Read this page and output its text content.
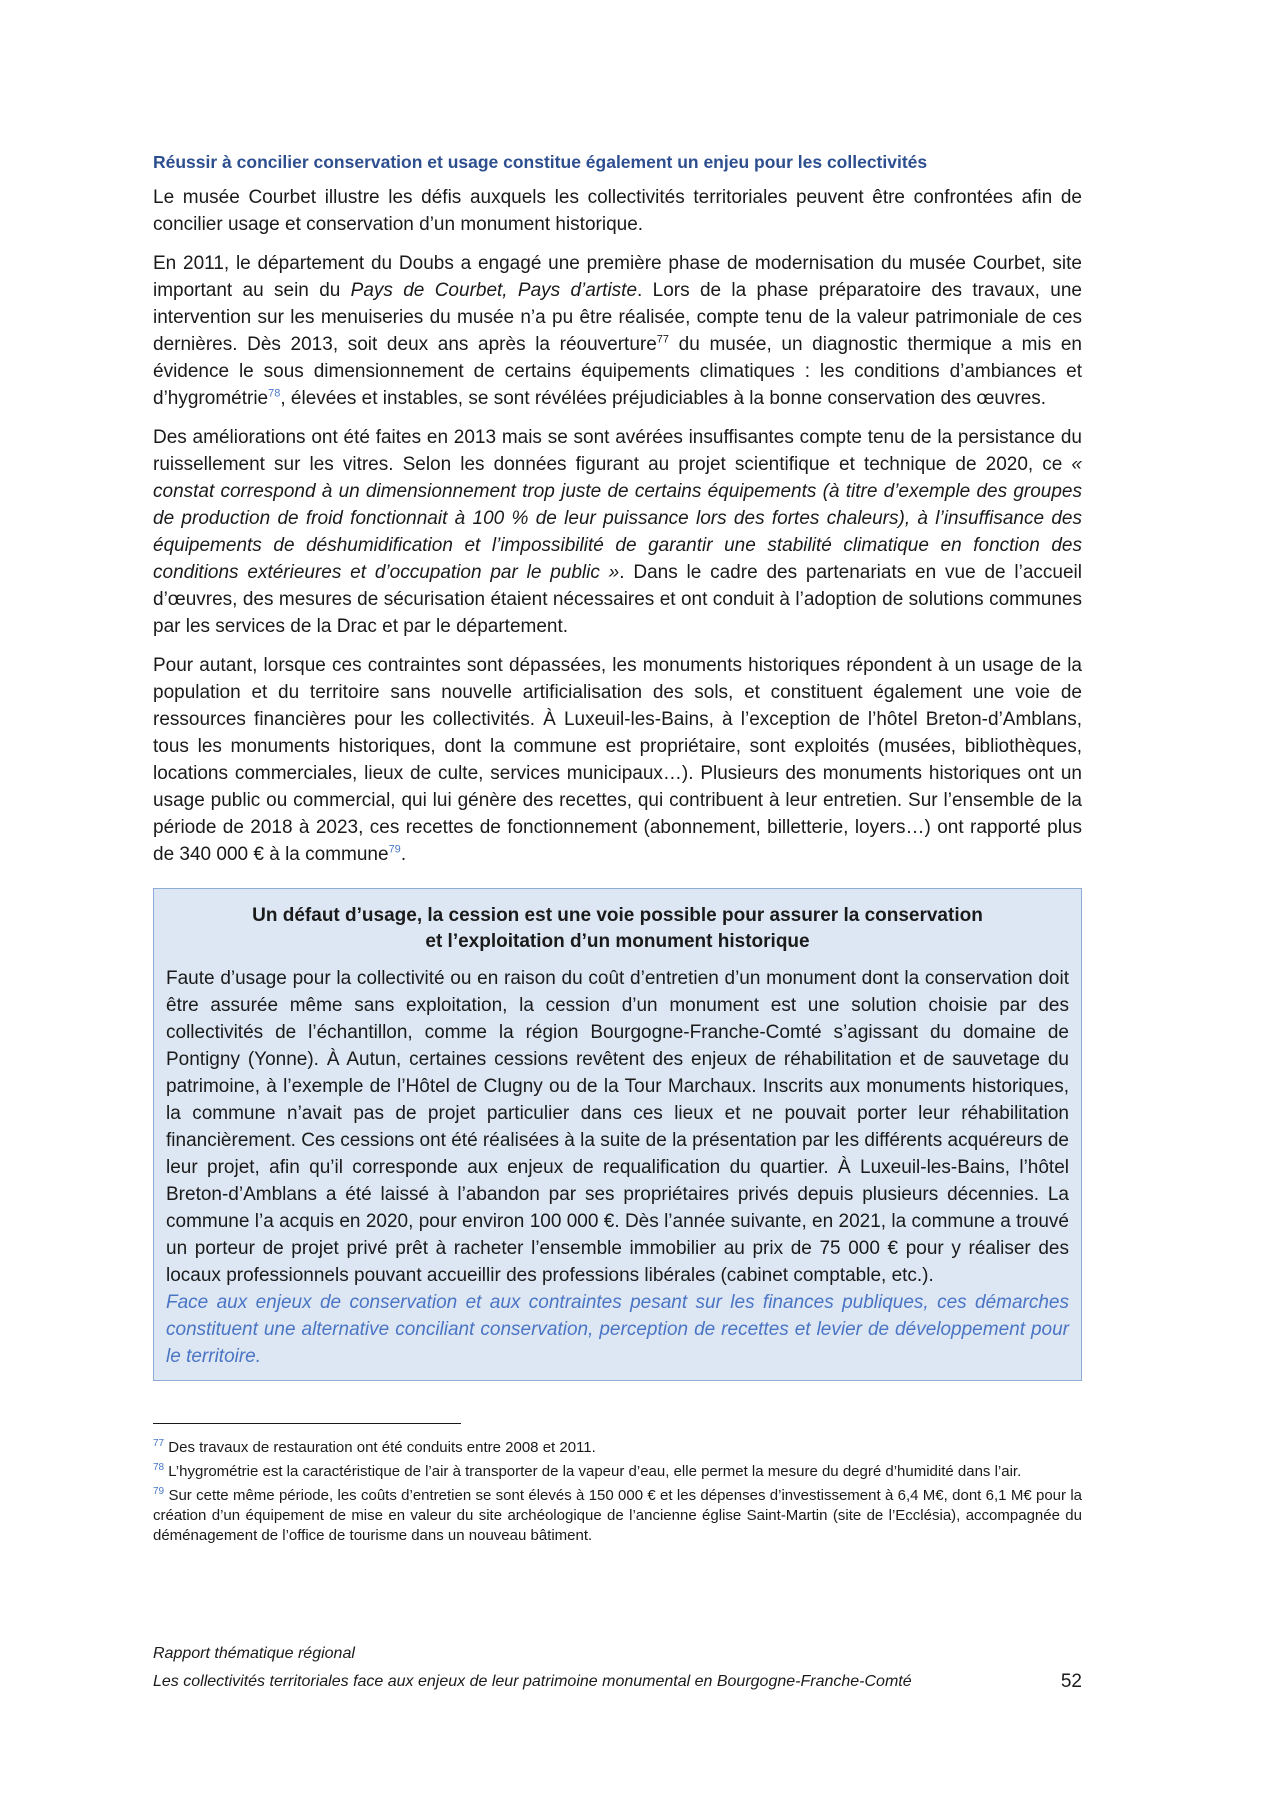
Réussir à concilier conservation et usage constitue également un enjeu pour les collectivités

Le musée Courbet illustre les défis auxquels les collectivités territoriales peuvent être confrontées afin de concilier usage et conservation d’un monument historique.

En 2011, le département du Doubs a engagé une première phase de modernisation du musée Courbet, site important au sein du Pays de Courbet, Pays d’artiste. Lors de la phase préparatoire des travaux, une intervention sur les menuiseries du musée n’a pu être réalisée, compte tenu de la valeur patrimoniale de ces dernières. Dès 2013, soit deux ans après la réouverture$^{77}$ du musée, un diagnostic thermique a mis en évidence le sous dimensionnement de certains équipements climatiques : les conditions d’ambiances et d’hygrométrie$^{78}$, élevées et instables, se sont révélées préjudiciables à la bonne conservation des œuvres.

Des améliorations ont été faites en 2013 mais se sont avérées insuffisantes compte tenu de la persistance du ruissellement sur les vitres. Selon les données figurant au projet scientifique et technique de 2020, ce « constat correspond à un dimensionnement trop juste de certains équipements (à titre d’exemple des groupes de production de froid fonctionnait à 100 % de leur puissance lors des fortes chaleurs), à l’insuffisance des équipements de déshumidification et l’impossibilité de garantir une stabilité climatique en fonction des conditions extérieures et d’occupation par le public ». Dans le cadre des partenariats en vue de l’accueil d’œuvres, des mesures de sécurisation étaient nécessaires et ont conduit à l’adoption de solutions communes par les services de la Drac et par le département.

Pour autant, lorsque ces contraintes sont dépassées, les monuments historiques répondent à un usage de la population et du territoire sans nouvelle artificialisation des sols, et constituent également une voie de ressources financières pour les collectivités. À Luxeuil-les-Bains, à l’exception de l’hôtel Breton-d’Amblans, tous les monuments historiques, dont la commune est propriétaire, sont exploités (musées, bibliothèques, locations commerciales, lieux de culte, services municipaux…). Plusieurs des monuments historiques ont un usage public ou commercial, qui lui génère des recettes, qui contribuent à leur entretien. Sur l’ensemble de la période de 2018 à 2023, ces recettes de fonctionnement (abonnement, billetterie, loyers…) ont rapporté plus de 340 000 € à la commune$^{79}$.

Un défaut d’usage, la cession est une voie possible pour assurer la conservation
et l’exploitation d’un monument historique

Faute d’usage pour la collectivité ou en raison du coût d’entretien d’un monument dont la conservation doit être assurée même sans exploitation, la cession d’un monument est une solution choisie par des collectivités de l’échantillon, comme la région Bourgogne-Franche-Comté s’agissant du domaine de Pontigny (Yonne). À Autun, certaines cessions revêtent des enjeux de réhabilitation et de sauvetage du patrimoine, à l’exemple de l’Hôtel de Clugny ou de la Tour Marchaux. Inscrits aux monuments historiques, la commune n’avait pas de projet particulier dans ces lieux et ne pouvait porter leur réhabilitation financièrement. Ces cessions ont été réalisées à la suite de la présentation par les différents acquéreurs de leur projet, afin qu’il corresponde aux enjeux de requalification du quartier. À Luxeuil-les-Bains, l’hôtel Breton-d’Amblans a été laissé à l’abandon par ses propriétaires privés depuis plusieurs décennies. La commune l’a acquis en 2020, pour environ 100 000 €. Dès l’année suivante, en 2021, la commune a trouvé un porteur de projet privé prêt à racheter l’ensemble immobilier au prix de 75 000 € pour y réaliser des locaux professionnels pouvant accueillir des professions libérales (cabinet comptable, etc.).

Face aux enjeux de conservation et aux contraintes pesant sur les finances publiques, ces démarches constituent une alternative conciliant conservation, perception de recettes et levier de développement pour le territoire.

$^{77}$ Des travaux de restauration ont été conduits entre 2008 et 2011.

$^{78}$ L’hygrométrie est la caractéristique de l’air à transporter de la vapeur d’eau, elle permet la mesure du degré d’humidité dans l’air.

$^{79}$ Sur cette même période, les coûts d’entretien se sont élevés à 150 000 € et les dépenses d’investissement à 6,4 M€, dont 6,1 M€ pour la création d’un équipement de mise en valeur du site archéologique de l’ancienne église Saint-Martin (site de l’Ecclésia), accompagnée du déménagement de l’office de tourisme dans un nouveau bâtiment.

Rapport thématique régional
Les collectivités territoriales face aux enjeux de leur patrimoine monumental en Bourgogne-Franche-Comté	52
